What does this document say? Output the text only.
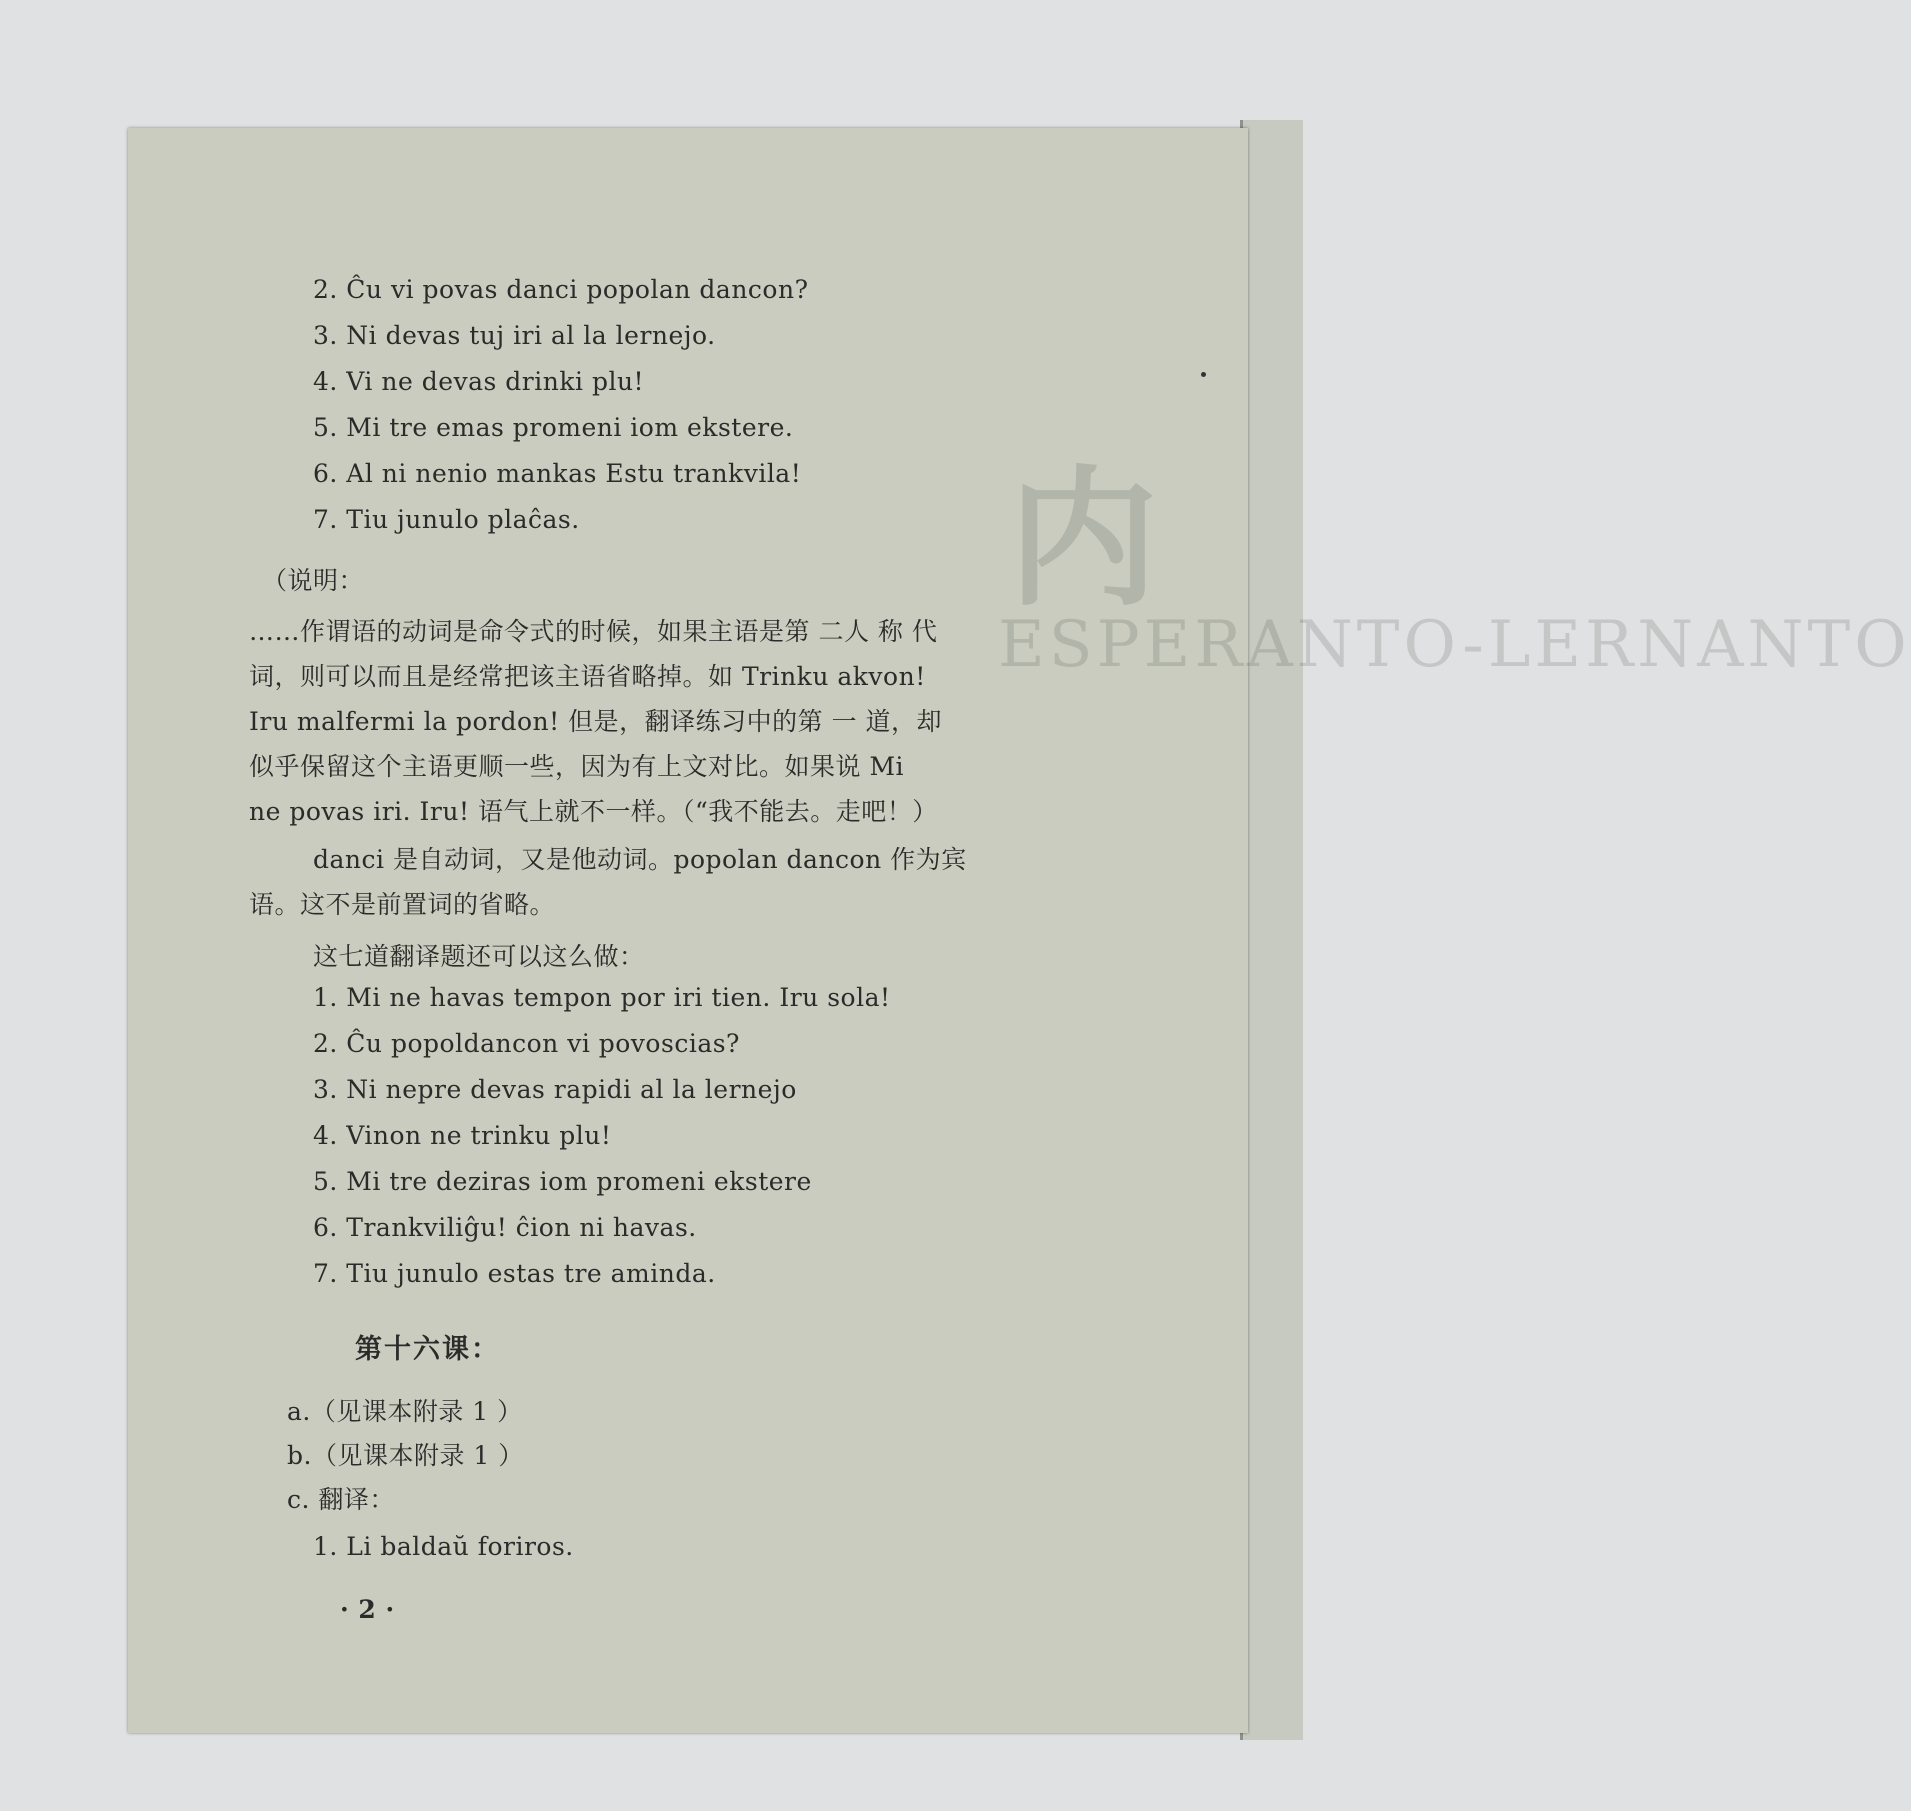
内
ESPERANTO-LERNANTO
2. Ĉu vi povas danci popolan dancon?
3. Ni devas tuj iri al la lernejo.
4. Vi ne devas drinki plu!
5. Mi tre emas promeni iom ekstere.
6. Al ni nenio mankas Estu trankvila!
7. Tiu junulo plaĉas.
（说明：
……作谓语的动词是命令式的时候，如果主语是第 二人 称 代
词，则可以而且是经常把该主语省略掉。如 Trinku akvon!
Iru malfermi la pordon! 但是，翻译练习中的第 一 道，却
似乎保留这个主语更顺一些，因为有上文对比。如果说 Mi
ne povas iri. Iru! 语气上就不一样。（“我不能去。走吧！）
danci 是自动词，又是他动词。popolan dancon 作为宾
语。这不是前置词的省略。
这七道翻译题还可以这么做：
1. Mi ne havas tempon por iri tien. Iru sola!
2. Ĉu popoldancon vi povoscias?
3. Ni nepre devas rapidi al la lernejo
4. Vinon ne trinku plu!
5. Mi tre deziras iom promeni ekstere
6. Trankviliĝu! ĉion ni havas.
7. Tiu junulo estas tre aminda.
第十六课：
a.（见课本附录 1 ）
b.（见课本附录 1 ）
c. 翻译：
1. Li baldaŭ foriros.
· 2 ·
